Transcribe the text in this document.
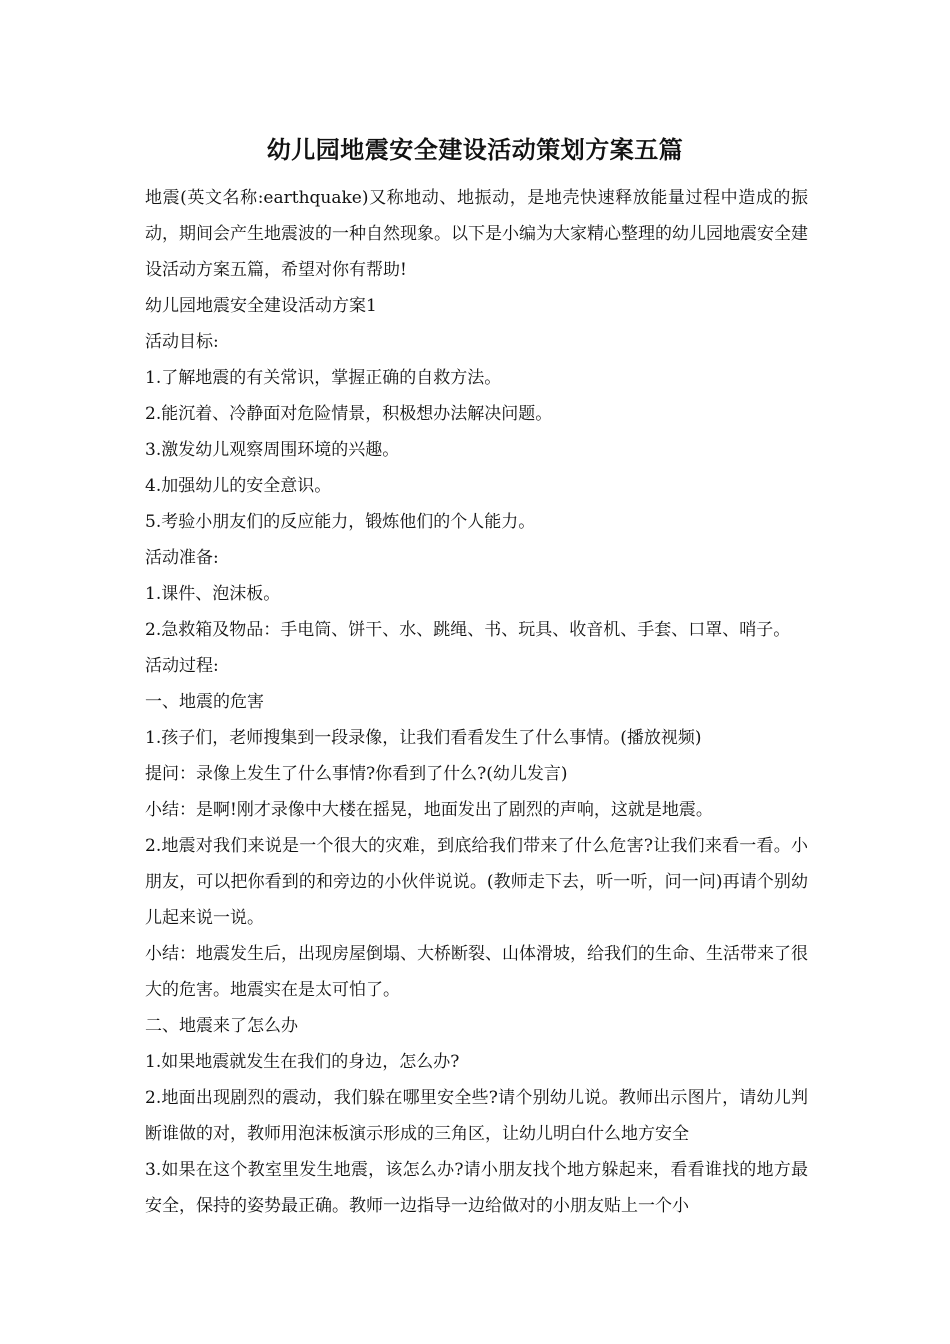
幼儿园地震安全建设活动策划方案五篇

地震(英文名称:earthquake)又称地动、地振动，是地壳快速释放能量过程中造成的振动，期间会产生地震波的一种自然现象。以下是小编为大家精心整理的幼儿园地震安全建设活动方案五篇，希望对你有帮助!

幼儿园地震安全建设活动方案1

活动目标:

1.了解地震的有关常识，掌握正确的自救方法。

2.能沉着、冷静面对危险情景，积极想办法解决问题。

3.激发幼儿观察周围环境的兴趣。

4.加强幼儿的安全意识。

5.考验小朋友们的反应能力，锻炼他们的个人能力。

活动准备:

1.课件、泡沫板。

2.急救箱及物品：手电筒、饼干、水、跳绳、书、玩具、收音机、手套、口罩、哨子。

活动过程:

一、地震的危害

1.孩子们，老师搜集到一段录像，让我们看看发生了什么事情。(播放视频)

提问：录像上发生了什么事情?你看到了什么?(幼儿发言)

小结：是啊!刚才录像中大楼在摇晃，地面发出了剧烈的声响，这就是地震。

2.地震对我们来说是一个很大的灾难，到底给我们带来了什么危害?让我们来看一看。小朋友，可以把你看到的和旁边的小伙伴说说。(教师走下去，听一听，问一问)再请个别幼儿起来说一说。

小结：地震发生后，出现房屋倒塌、大桥断裂、山体滑坡，给我们的生命、生活带来了很大的危害。地震实在是太可怕了。

二、地震来了怎么办

1.如果地震就发生在我们的身边，怎么办?

2.地面出现剧烈的震动，我们躲在哪里安全些?请个别幼儿说。教师出示图片，请幼儿判断谁做的对，教师用泡沫板演示形成的三角区，让幼儿明白什么地方安全

3.如果在这个教室里发生地震，该怎么办?请小朋友找个地方躲起来，看看谁找的地方最安全，保持的姿势最正确。教师一边指导一边给做对的小朋友贴上一个小
